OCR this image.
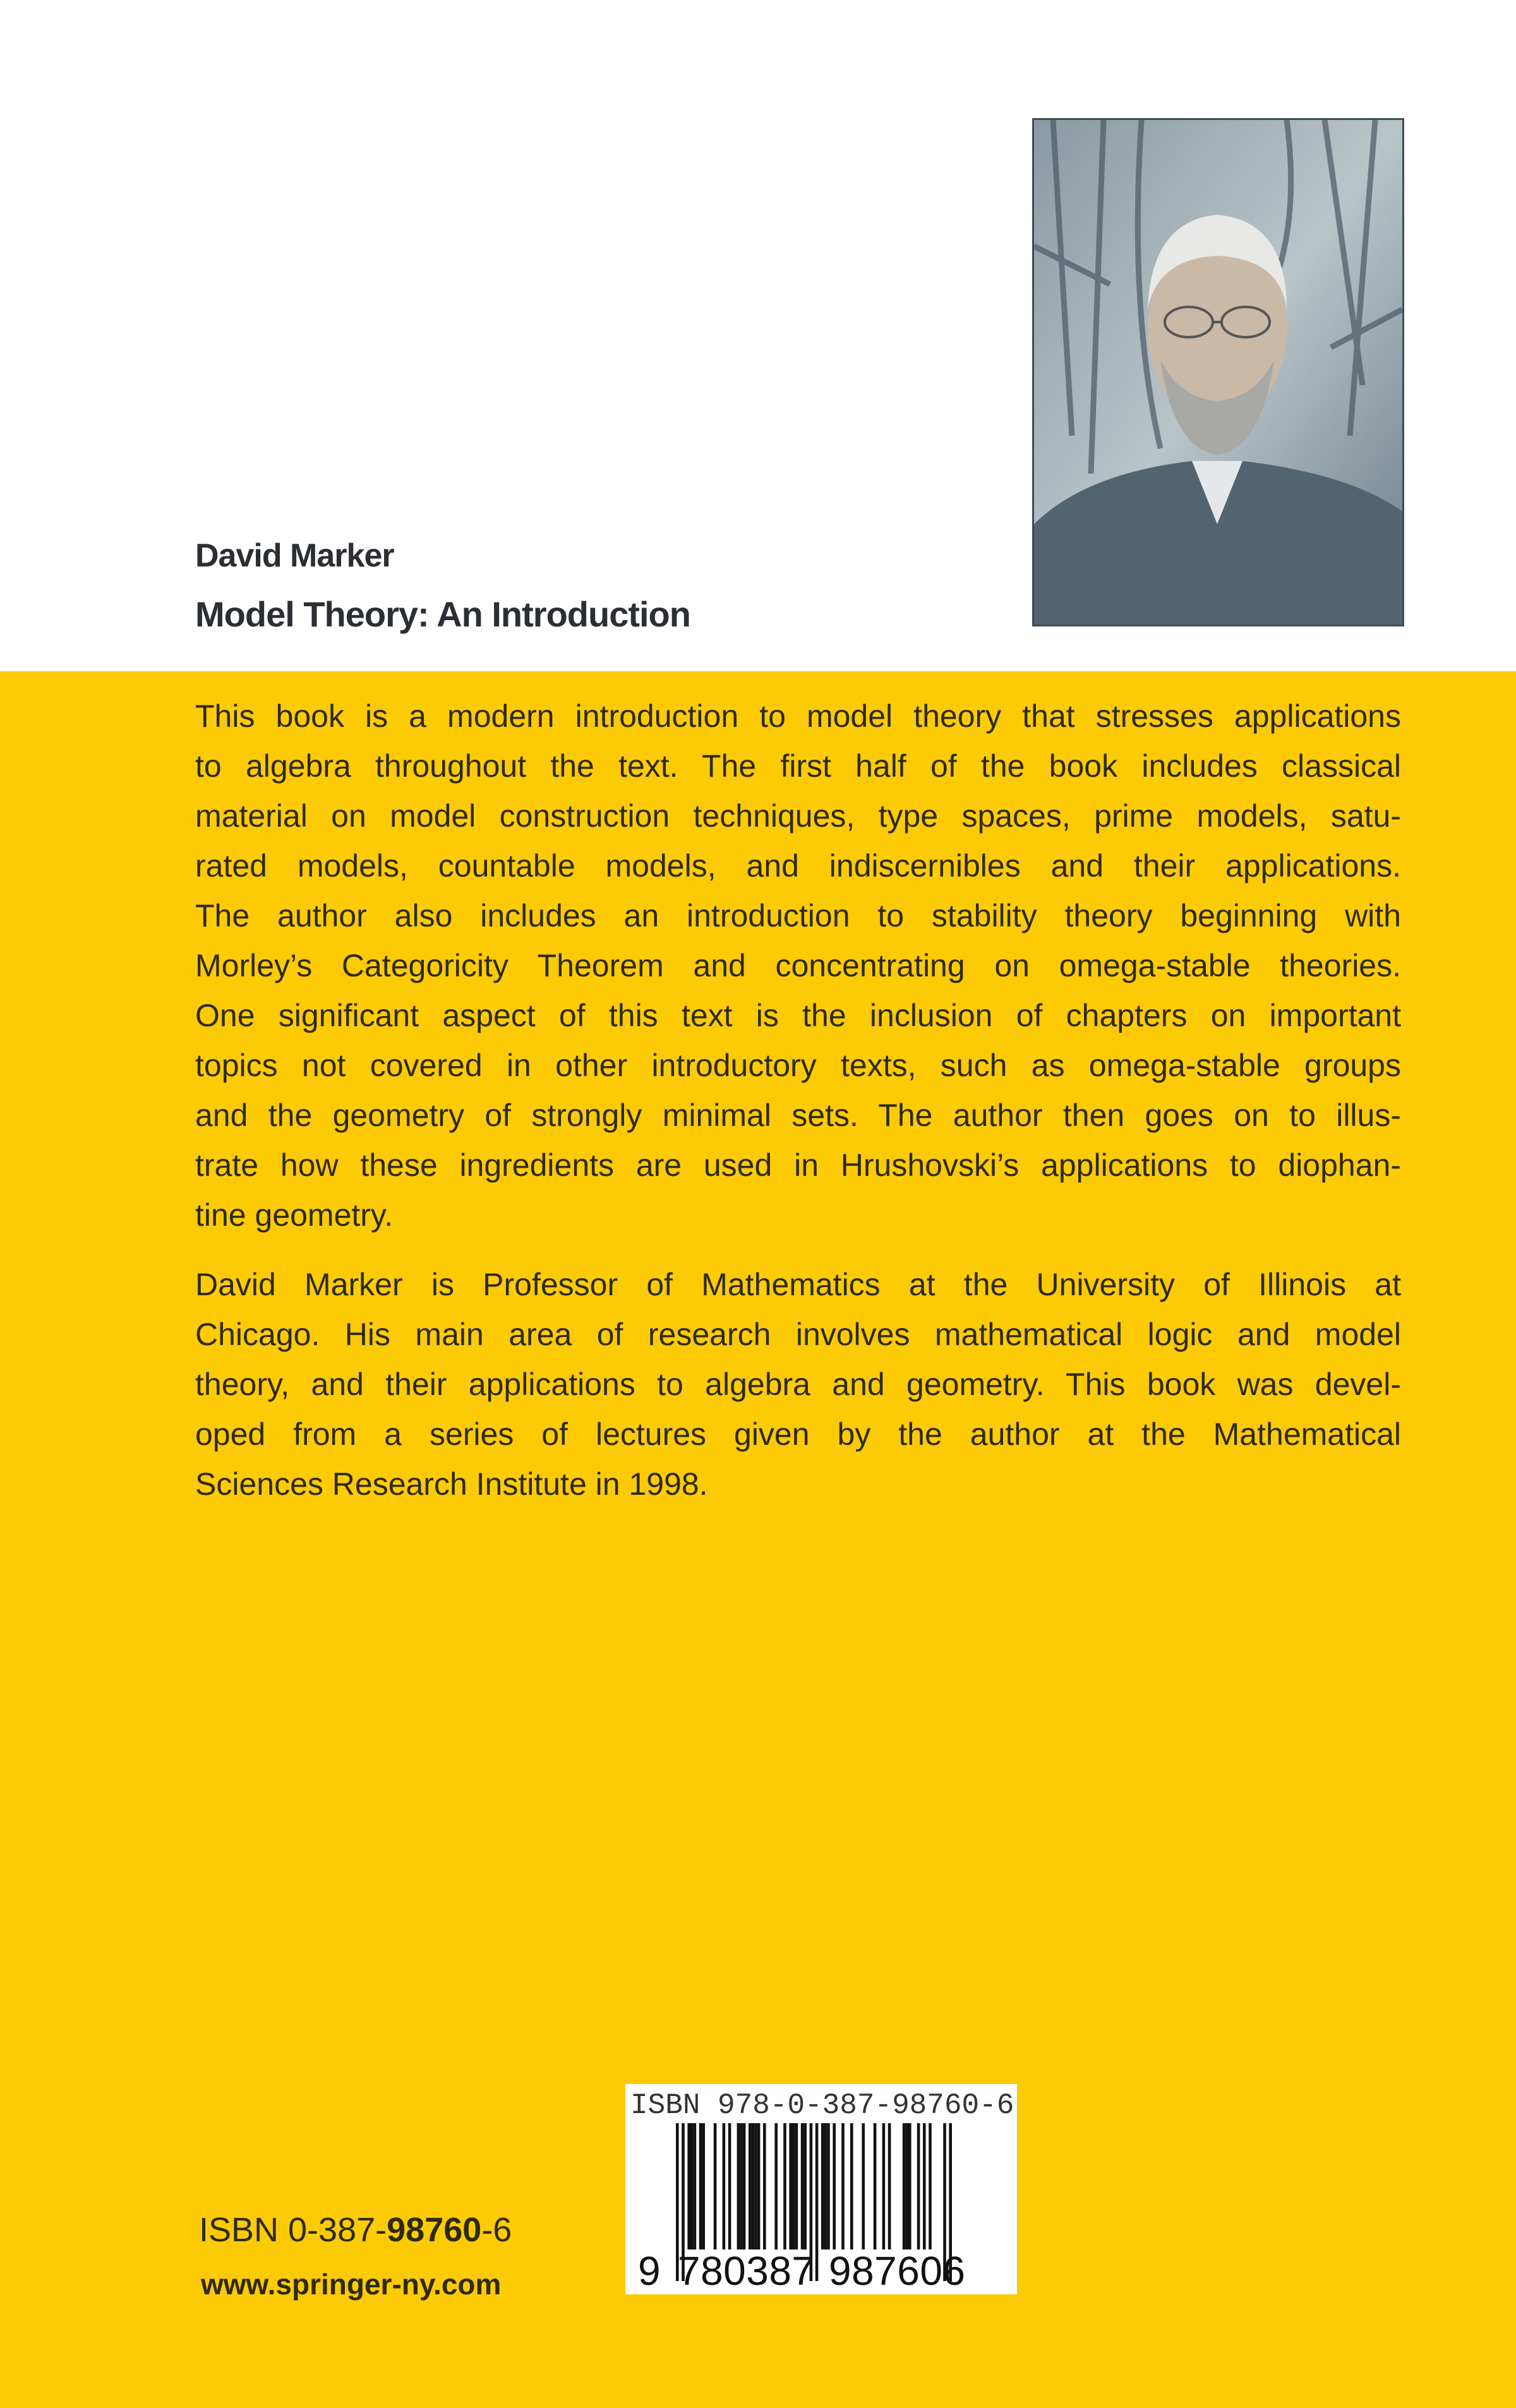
David Marker
Model Theory: An Introduction
This book is a modern introduction to model theory that stresses applications
to algebra throughout the text. The first half of the book includes classical
material on model construction techniques, type spaces, prime models, satu-
rated models, countable models, and indiscernibles and their applications.
The author also includes an introduction to stability theory beginning with
Morley’s Categoricity Theorem and concentrating on omega-stable theories.
One significant aspect of this text is the inclusion of chapters on important
topics not covered in other introductory texts, such as omega-stable groups
and the geometry of strongly minimal sets. The author then goes on to illus-
trate how these ingredients are used in Hrushovski’s applications to diophan-
tine geometry.
David Marker is Professor of Mathematics at the University of Illinois at
Chicago. His main area of research involves mathematical logic and model
theory, and their applications to algebra and geometry. This book was devel-
oped from a series of lectures given by the author at the Mathematical
Sciences Research Institute in 1998.
ISBN 0-387-98760-6
www.springer-ny.com
ISBN 978-0-387-98760-6
9 780387 987606
